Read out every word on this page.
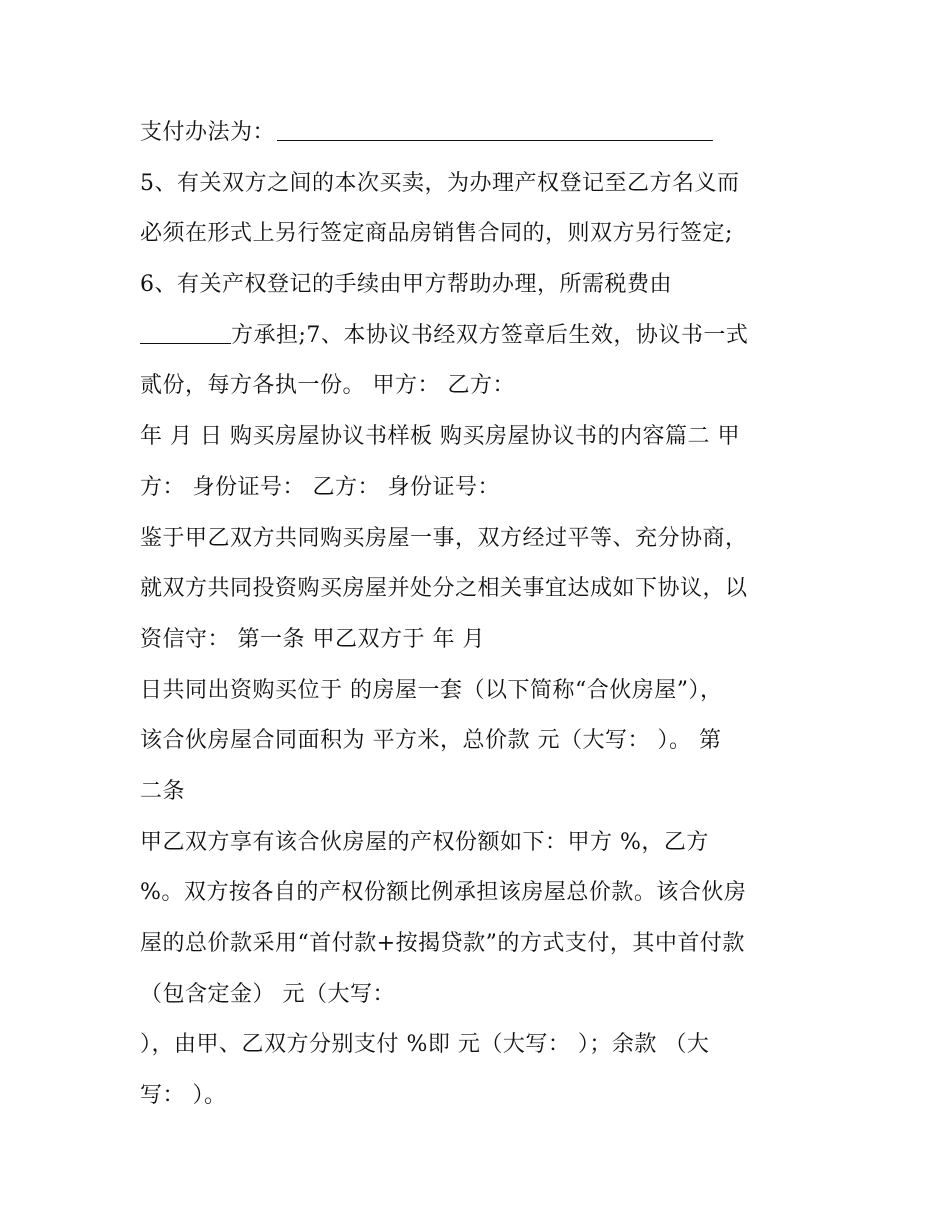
支付办法为：
5、有关双方之间的本次买卖，为办理产权登记至乙方名义而
必须在形式上另行签定商品房销售合同的，则双方另行签定;
6、有关产权登记的手续由甲方帮助办理，所需税费由
方承担;7、本协议书经双方签章后生效，协议书一式
贰份，每方各执一份。 甲方： 乙方：
年 月 日 购买房屋协议书样板 购买房屋协议书的内容篇二 甲
方： 身份证号： 乙方： 身份证号：
鉴于甲乙双方共同购买房屋一事，双方经过平等、充分协商，
就双方共同投资购买房屋并处分之相关事宜达成如下协议，以
资信守： 第一条 甲乙双方于 年 月
日共同出资购买位于 的房屋一套（以下简称“合伙房屋”），
该合伙房屋合同面积为 平方米，总价款 元（大写： ）。 第
二条
甲乙双方享有该合伙房屋的产权份额如下：甲方 %，乙方
%。双方按各自的产权份额比例承担该房屋总价款。该合伙房
屋的总价款采用“首付款+按揭贷款”的方式支付，其中首付款
（包含定金） 元（大写：
），由甲、乙双方分别支付 %即 元（大写： ）；余款 （大
写： ）。
